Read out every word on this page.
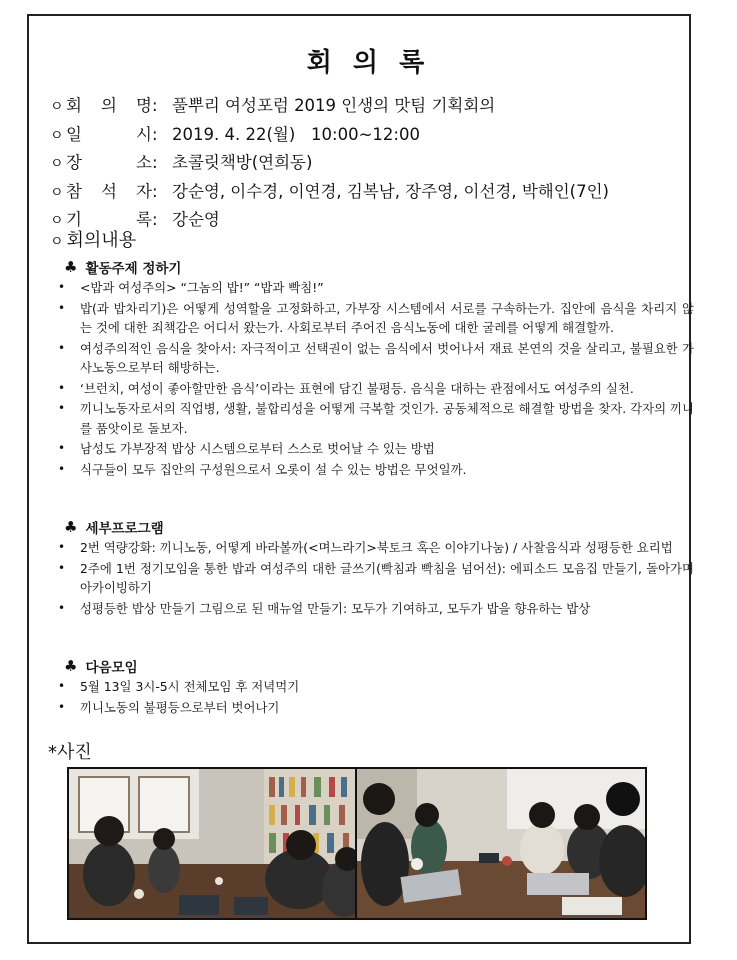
회 의 록
ㅇ 회 의 명 : 풀뿌리 여성포럼 2019 인생의 맛팀 기획회의
ㅇ 일	시 : 2019. 4. 22(월)   10:00~12:00
ㅇ 장	소 : 초콜릿책방(연희동)
ㅇ 참 석 자 : 강순영, 이수경, 이연경, 김복남, 장주영, 이선경, 박해인(7인)
ㅇ 기	록 : 강순영
ㅇ 회의내용
♣ 활동주제 정하기
• <밥과 여성주의> “그놈의 밥!” “밥과 빡침!”
• 밥(과 밥차리기)은 어떻게 성역할을 고정화하고, 가부장 시스템에서 서로를 구속하는가. 집안에 음식을 차리지 않는 것에 대한 죄책감은 어디서 왔는가. 사회로부터 주어진 음식노동에 대한 굴레를 어떻게 해결할까.
• 여성주의적인 음식을 찾아서: 자극적이고 선택권이 없는 음식에서 벗어나서 재료 본연의 것을 살리고, 불필요한 가사노동으로부터 해방하는.
• ‘브런치, 여성이 좋아할만한 음식’이라는 표현에 담긴 불평등. 음식을 대하는 관점에서도 여성주의 실천.
• 끼니노동자로서의 직업병, 생활, 불합리성을 어떻게 극복할 것인가. 공동체적으로 해결할 방법을 찾자. 각자의 끼니를 품앗이로 돌보자.
• 남성도 가부장적 밥상 시스템으로부터 스스로 벗어날 수 있는 방법
• 식구들이 모두 집안의 구성원으로서 오롯이 설 수 있는 방법은 무엇일까.
♣ 세부프로그램
• 2번 역량강화: 끼니노동, 어떻게 바라볼까(<며느라기>북토크 혹은 이야기나눔) / 사찰음식과 성평등한 요리법
• 2주에 1번 정기모임을 통한 밥과 여성주의 대한 글쓰기(빡침과 빡침을 넘어선): 에피소드 모음집 만들기, 돌아가며 아카이빙하기
• 성평등한 밥상 만들기 그림으로 된 매뉴얼 만들기: 모두가 기여하고, 모두가 밥을 향유하는 밥상
♣ 다음모임
• 5월 13일 3시-5시 전체모임 후 저녁먹기
• 끼니노동의 불평등으로부터 벗어나기
*사진
